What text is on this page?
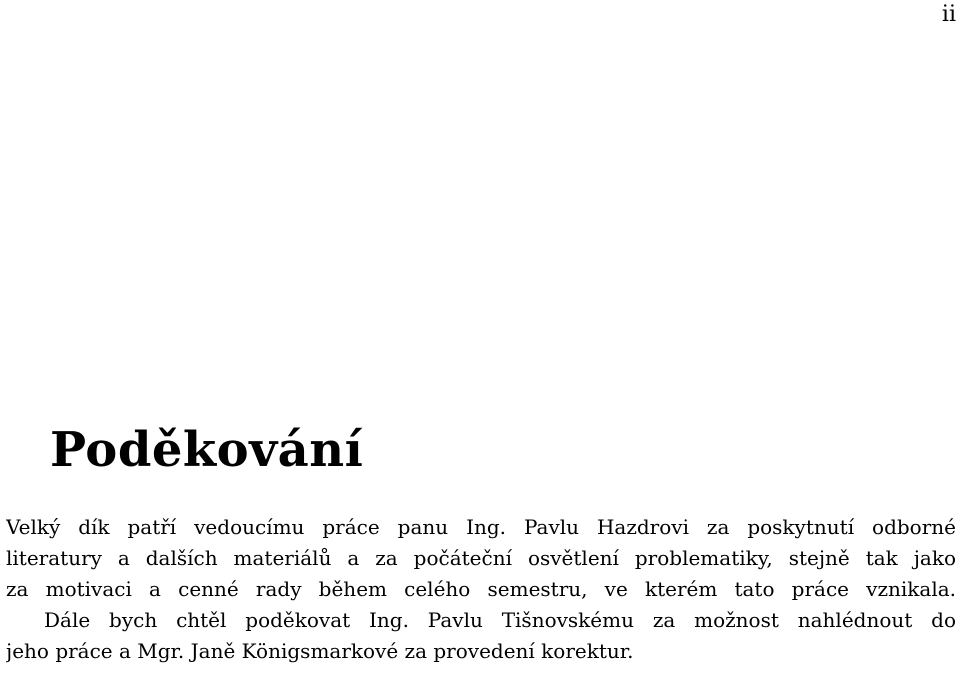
ii
Poděkování
Velký dík patří vedoucímu práce panu Ing. Pavlu Hazdrovi za poskytnutí odborné
literatury a dalších materiálů a za počáteční osvětlení problematiky, stejně tak jako
za motivaci a cenné rady během celého semestru, ve kterém tato práce vznikala.
Dále bych chtěl poděkovat Ing. Pavlu Tišnovskému za možnost nahlédnout do
jeho práce a Mgr. Janě Königsmarkové za provedení korektur.
